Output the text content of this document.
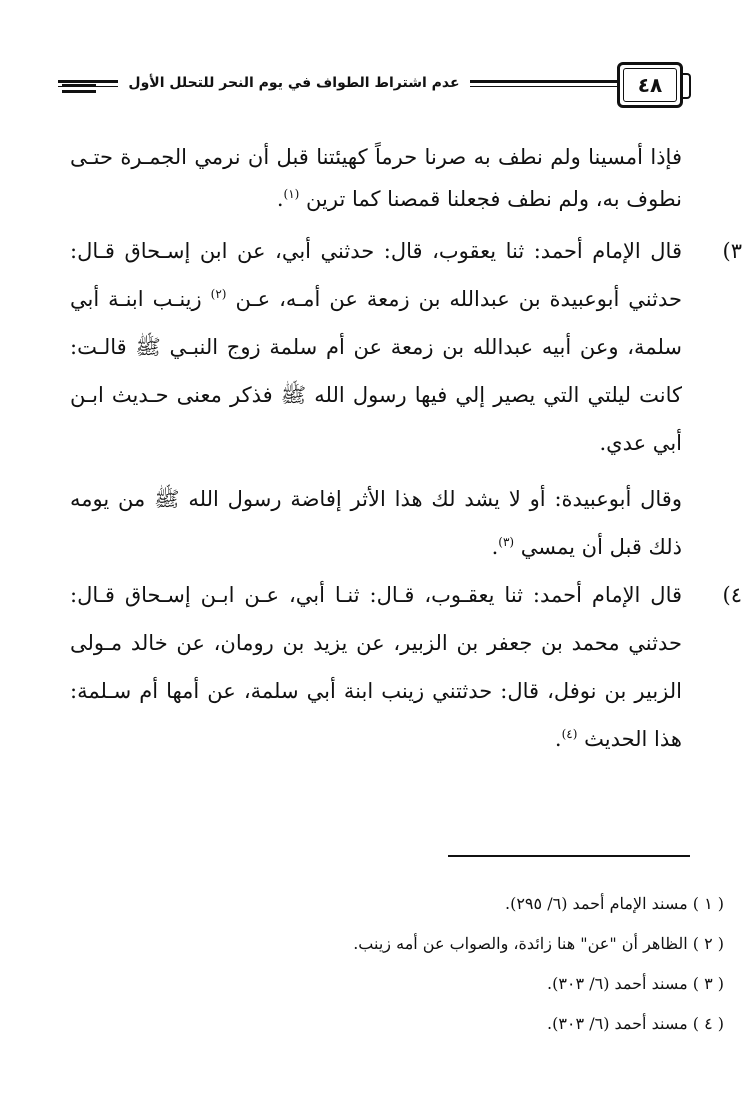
عدم اشتراط الطواف في يوم النحر للتحلل الأول	٤٨
فإذا أمسينا ولم نطف به صرنا حرماً كهيئتنا قبل أن نرمي الجمـرة حتـى
نطوف به، ولم نطف فجعلنا قمصنا كما ترين $^{(١)}$.
٣)
قال الإمام أحمد: ثنا يعقوب، قال: حدثني أبي، عن ابن إسـحاق قـال:
حدثني أبوعبيدة بن عبدالله بن زمعة عن أمـه، عـن $^{(٢)}$ زينـب ابنـة أبي
سلمة، وعن أبيه عبدالله بن زمعة عن أم سلمة زوج النبـي ﷺ قالـت:
كانت ليلتي التي يصير إلي فيها رسول الله ﷺ فذكر معنى حـديث ابـن
أبي عدي.
وقال أبوعبيدة: أو لا يشد لك هذا الأثر إفاضة رسول الله ﷺ من يومه
ذلك قبل أن يمسي $^{(٣)}$.
٤)
قال الإمام أحمد: ثنا يعقـوب، قـال: ثنـا أبي، عـن ابـن إسـحاق قـال:
حدثني محمد بن جعفر بن الزبير، عن يزيد بن رومان، عن خالد مـولى
الزبير بن نوفل، قال: حدثتني زينب ابنة أبي سلمة، عن أمها أم سـلمة:
هذا الحديث $^{(٤)}$.
( ١ ) مسند الإمام أحمد (٦/ ٢٩٥).
( ٢ ) الظاهر أن "عن" هنا زائدة، والصواب عن أمه زينب.
( ٣ ) مسند أحمد (٦/ ٣٠٣).
( ٤ ) مسند أحمد (٦/ ٣٠٣).
